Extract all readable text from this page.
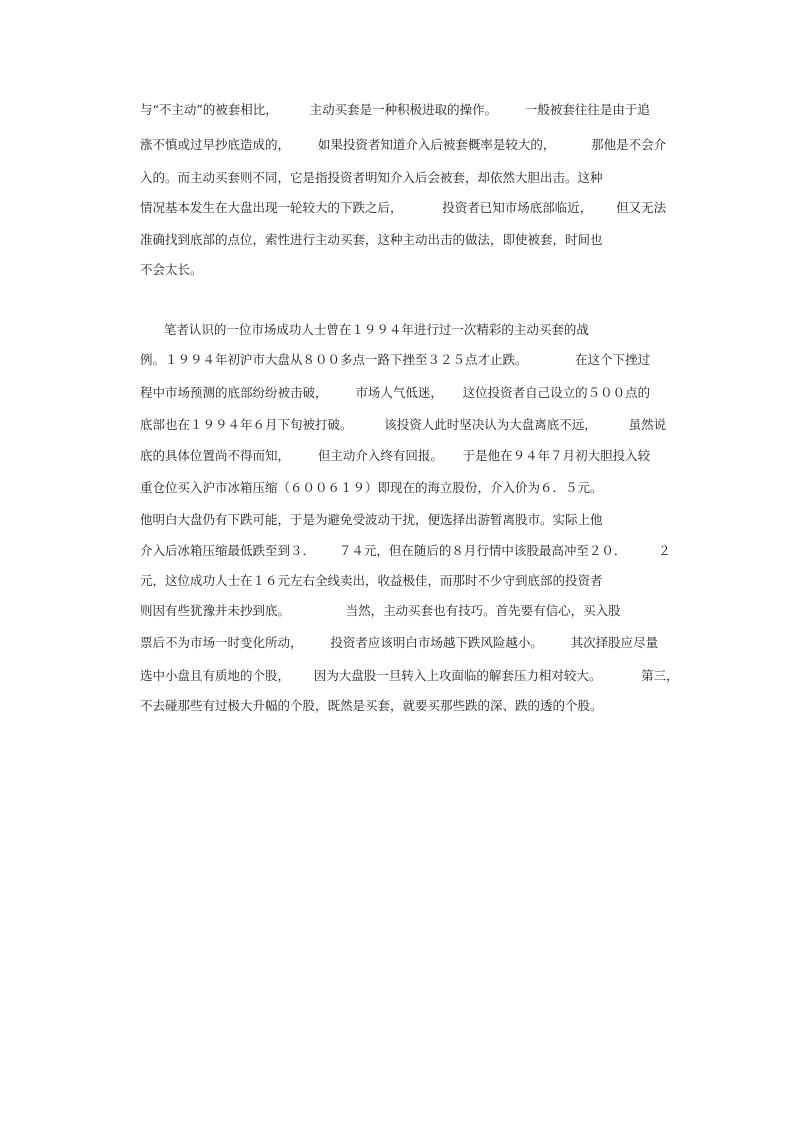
与“不主动”的被套相比，        主动买套是一种积极进取的操作。       一般被套往往是由于追
涨不慎或过早抄底造成的，       如果投资者知道介入后被套概率是较大的，         那他是不会介
入的。而主动买套则不同，它是指投资者明知介入后会被套，却依然大胆出击。这种
情况基本发生在大盘出现一轮较大的下跌之后，          投资者已知市场底部临近，      但又无法
准确找到底部的点位，索性进行主动买套，这种主动出击的做法，即使被套，时间也
不会太长。
笔者认识的一位市场成功人士曾在１９９４年进行过一次精彩的主动买套的战
例。１９９４年初沪市大盘从８００多点一路下挫至３２５点才止跌。            在这个下挫过
程中市场预测的底部纷纷被击破，       市场人气低迷，     这位投资者自己设立的５００点的
底部也在１９９４年６月下旬被打破。        该投资人此时坚决认为大盘离底不远，        虽然说
底的具体位置尚不得而知，       但主动介入终有回报。     于是他在９４年７月初大胆投入较
重仓位买入沪市冰箱压缩（６００６１９）即现在的海立股份，介入价为６．５元。
他明白大盘仍有下跌可能，于是为避免受波动干扰，便选择出游暂离股市。实际上他
介入后冰箱压缩最低跌至到３．      ７４元，但在随后的８月行情中该股最高冲至２０．        ２
元，这位成功人士在１６元左右全线卖出，收益极佳，而那时不少守到底部的投资者
则因有些犹豫并未抄到底。              当然，主动买套也有技巧。首先要有信心，买入股
票后不为市场一时变化所动，       投资者应该明白市场越下跌风险越小。       其次择股应尽量
选中小盘且有质地的个股，      因为大盘股一旦转入上攻面临的解套压力相对较大。          第三，
不去碰那些有过极大升幅的个股，既然是买套，就要买那些跌的深、跌的透的个股。
